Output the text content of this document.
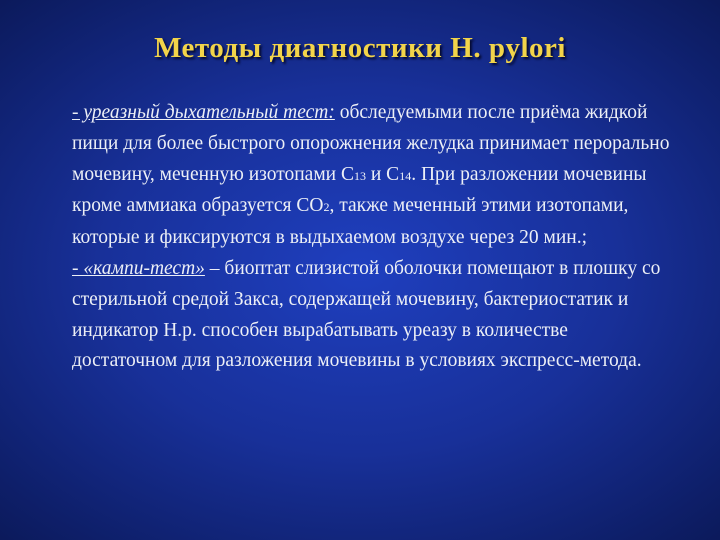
Методы диагностики H. pylori

- уреазный дыхательный тест: обследуемыми после приёма жидкой пищи для более быстрого опорожнения желудка принимает перорально мочевину, меченную изотопами C13 и C14. При разложении мочевины кроме аммиака образуется CO2, также меченный этими изотопами, которые и фиксируются в выдыхаемом воздухе через 20 мин.;

- «кампи-тест» – биоптат слизистой оболочки помещают в плошку со стерильной средой Закса, содержащей мочевину, бактериостатик и индикатор H.p. способен вырабатывать уреазу в количестве достаточном для разложения мочевины в условиях экспресс-метода.
